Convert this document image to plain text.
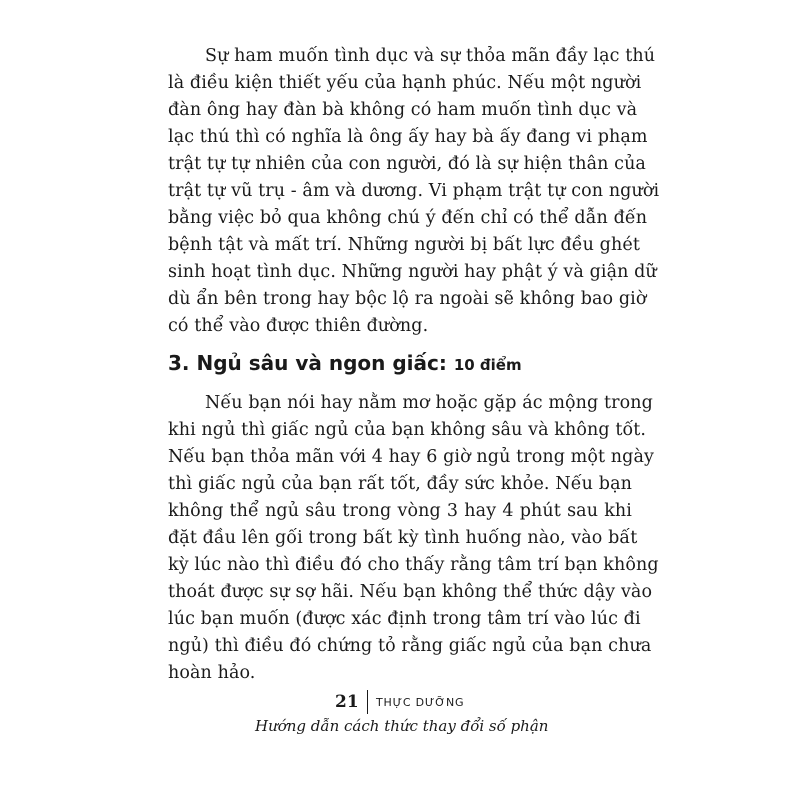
Sự ham muốn tình dục và sự thỏa mãn đầy lạc thú
là điều kiện thiết yếu của hạnh phúc. Nếu một người
đàn ông hay đàn bà không có ham muốn tình dục và
lạc thú thì có nghĩa là ông ấy hay bà ấy đang vi phạm
trật tự tự nhiên của con người, đó là sự hiện thân của
trật tự vũ trụ - âm và dương. Vi phạm trật tự con người
bằng việc bỏ qua không chú ý đến chỉ có thể dẫn đến
bệnh tật và mất trí. Những người bị bất lực đều ghét
sinh hoạt tình dục. Những người hay phật ý và giận dữ
dù ẩn bên trong hay bộc lộ ra ngoài sẽ không bao giờ
có thể vào được thiên đường.
3. Ngủ sâu và ngon giấc: 10 điểm
Nếu bạn nói hay nằm mơ hoặc gặp ác mộng trong
khi ngủ thì giấc ngủ của bạn không sâu và không tốt.
Nếu bạn thỏa mãn với 4 hay 6 giờ ngủ trong một ngày
thì giấc ngủ của bạn rất tốt, đầy sức khỏe. Nếu bạn
không thể ngủ sâu trong vòng 3 hay 4 phút sau khi
đặt đầu lên gối trong bất kỳ tình huống nào, vào bất
kỳ lúc nào thì điều đó cho thấy rằng tâm trí bạn không
thoát được sự sợ hãi. Nếu bạn không thể thức dậy vào
lúc bạn muốn (được xác định trong tâm trí vào lúc đi
ngủ) thì điều đó chứng tỏ rằng giấc ngủ của bạn chưa
hoàn hảo.
21 THỰC DƯỠNG
Hướng dẫn cách thức thay đổi số phận
